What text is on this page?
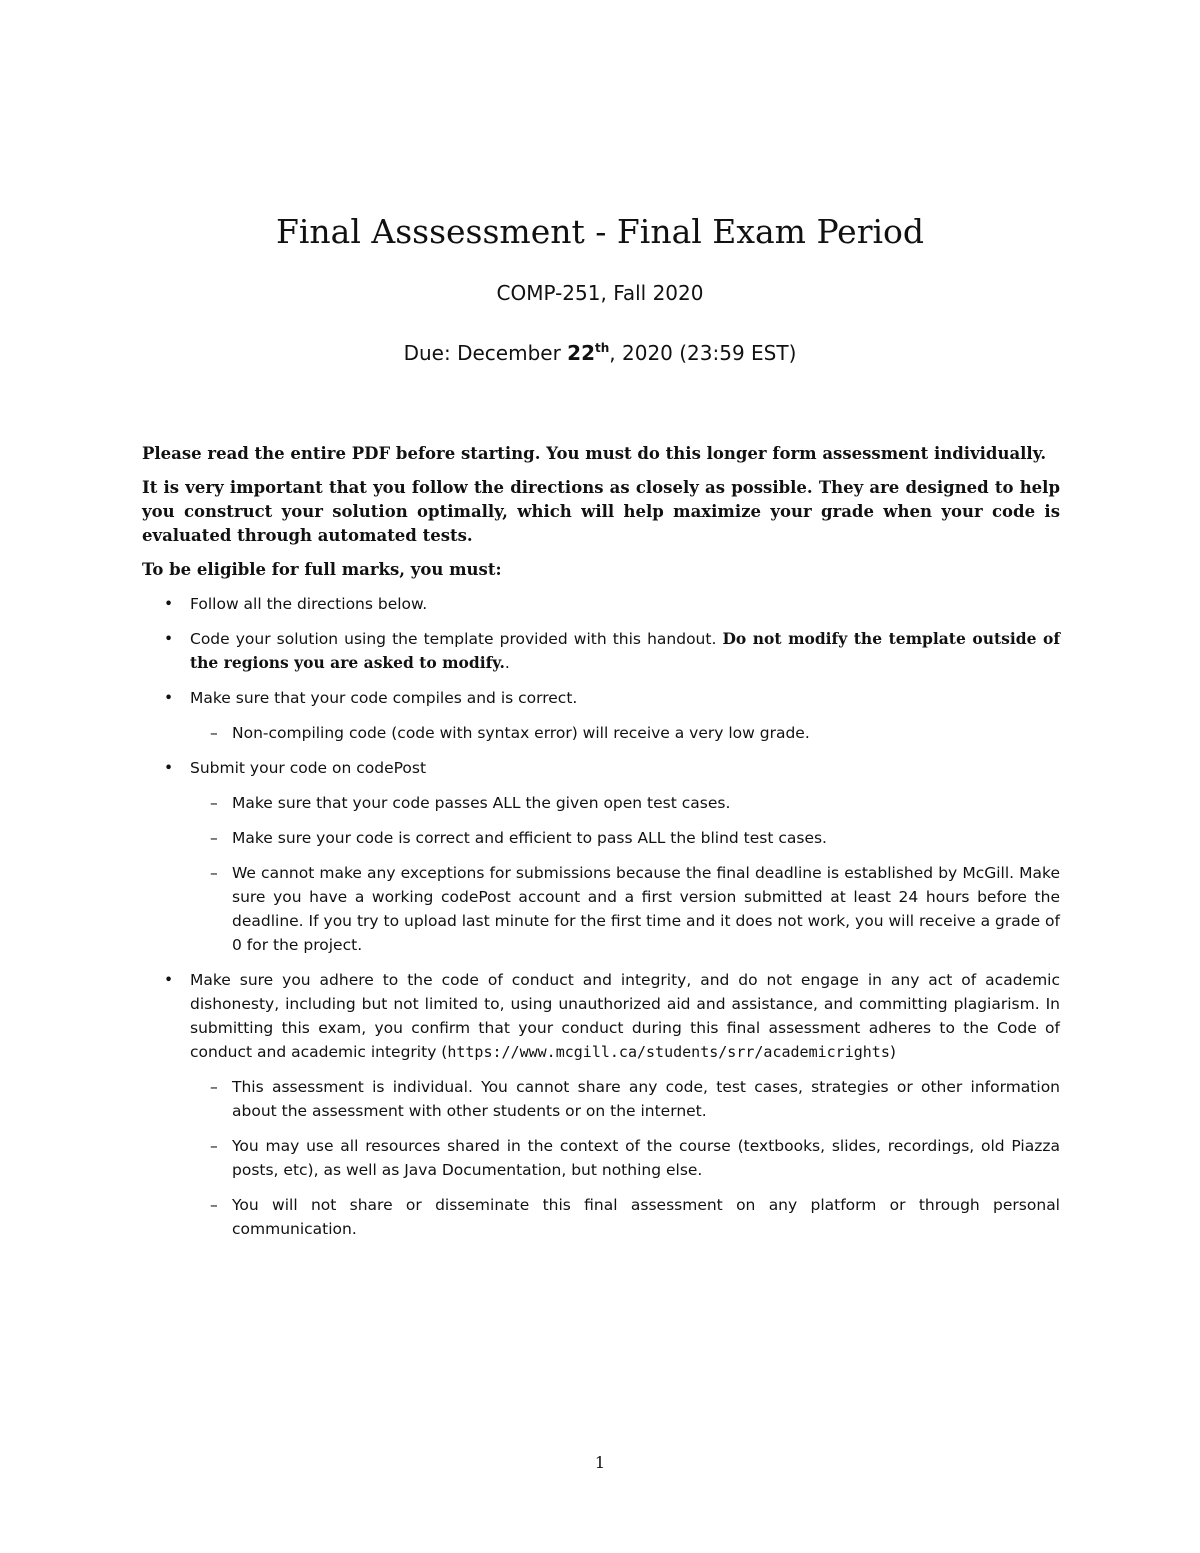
Final Asssessment - Final Exam Period
COMP-251, Fall 2020
Due: December 22th, 2020 (23:59 EST)

Please read the entire PDF before starting. You must do this longer form assessment individually.

It is very important that you follow the directions as closely as possible. They are designed to help you construct your solution optimally, which will help maximize your grade when your code is evaluated through automated tests.

To be eligible for full marks, you must:

• Follow all the directions below.
• Code your solution using the template provided with this handout. Do not modify the template outside of the regions you are asked to modify..
• Make sure that your code compiles and is correct.
– Non-compiling code (code with syntax error) will receive a very low grade.
• Submit your code on codePost
– Make sure that your code passes ALL the given open test cases.
– Make sure your code is correct and efficient to pass ALL the blind test cases.
– We cannot make any exceptions for submissions because the final deadline is established by McGill. Make sure you have a working codePost account and a first version submitted at least 24 hours before the deadline. If you try to upload last minute for the first time and it does not work, you will receive a grade of 0 for the project.
• Make sure you adhere to the code of conduct and integrity, and do not engage in any act of academic dishonesty, including but not limited to, using unauthorized aid and assistance, and committing plagiarism. In submitting this exam, you confirm that your conduct during this final assessment adheres to the Code of conduct and academic integrity (https://www.mcgill.ca/students/srr/academicrights)
– This assessment is individual. You cannot share any code, test cases, strategies or other information about the assessment with other students or on the internet.
– You may use all resources shared in the context of the course (textbooks, slides, recordings, old Piazza posts, etc), as well as Java Documentation, but nothing else.
– You will not share or disseminate this final assessment on any platform or through personal communication.
1
